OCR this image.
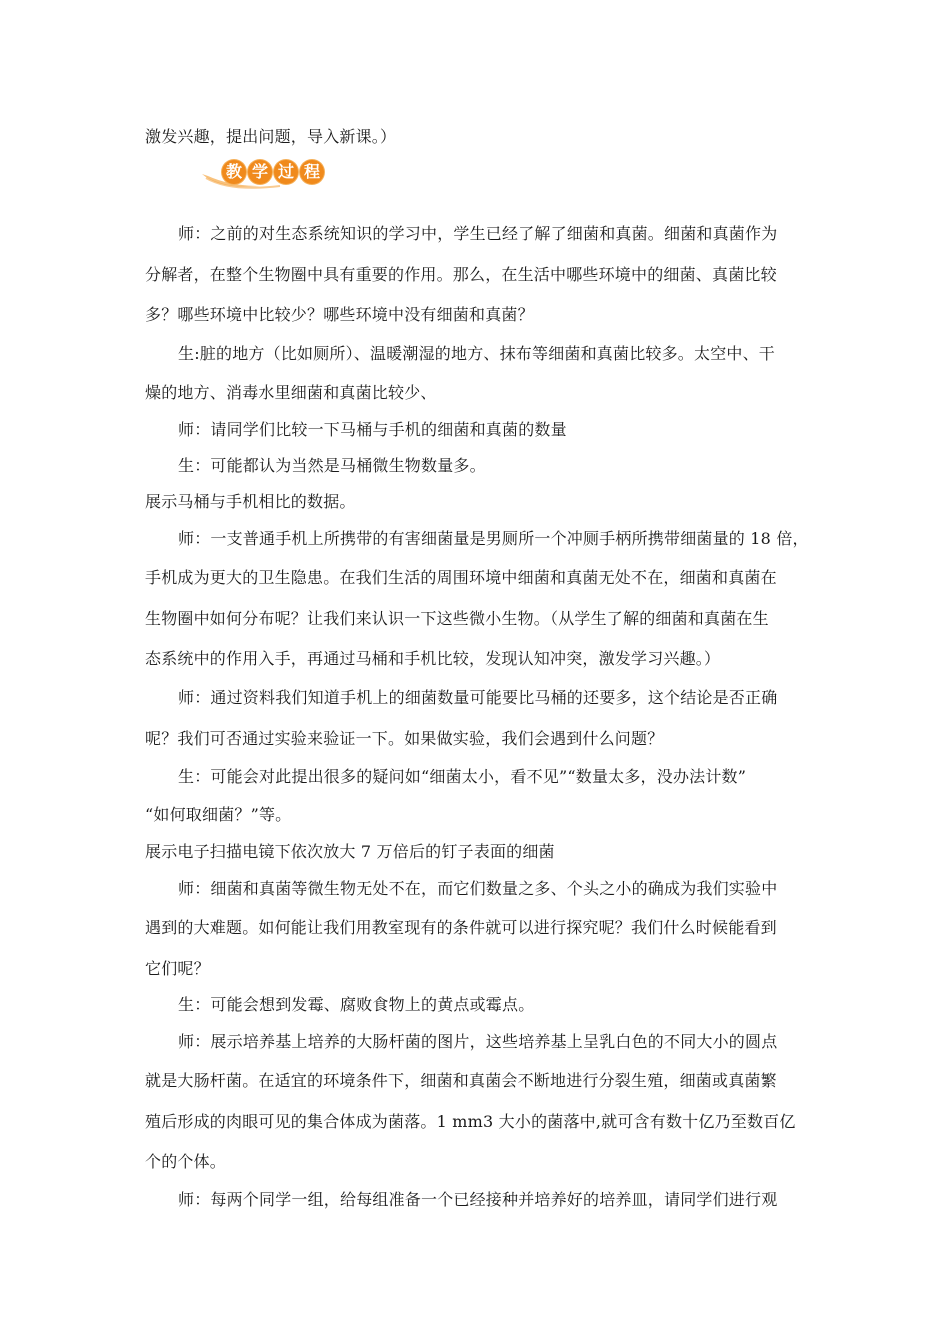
激发兴趣，提出问题，导入新课。）
教 学 过 程
师：之前的对生态系统知识的学习中，学生已经了解了细菌和真菌。细菌和真菌作为
分解者，在整个生物圈中具有重要的作用。那么，在生活中哪些环境中的细菌、真菌比较
多？哪些环境中比较少？哪些环境中没有细菌和真菌？
生:脏的地方（比如厕所）、温暖潮湿的地方、抹布等细菌和真菌比较多。太空中、干
燥的地方、消毒水里细菌和真菌比较少、
师：请同学们比较一下马桶与手机的细菌和真菌的数量
生：可能都认为当然是马桶微生物数量多。
展示马桶与手机相比的数据。
师：一支普通手机上所携带的有害细菌量是男厕所一个冲厕手柄所携带细菌量的 18 倍，
手机成为更大的卫生隐患。在我们生活的周围环境中细菌和真菌无处不在，细菌和真菌在
生物圈中如何分布呢？让我们来认识一下这些微小生物。（从学生了解的细菌和真菌在生
态系统中的作用入手，再通过马桶和手机比较，发现认知冲突，激发学习兴趣。）
师：通过资料我们知道手机上的细菌数量可能要比马桶的还要多，这个结论是否正确
呢？我们可否通过实验来验证一下。如果做实验，我们会遇到什么问题？
生：可能会对此提出很多的疑问如“细菌太小，看不见”“数量太多，没办法计数”
“如何取细菌？”等。
展示电子扫描电镜下依次放大 7 万倍后的钉子表面的细菌
师：细菌和真菌等微生物无处不在，而它们数量之多、个头之小的确成为我们实验中
遇到的大难题。如何能让我们用教室现有的条件就可以进行探究呢？我们什么时候能看到
它们呢？
生：可能会想到发霉、腐败食物上的黄点或霉点。
师：展示培养基上培养的大肠杆菌的图片，这些培养基上呈乳白色的不同大小的圆点
就是大肠杆菌。在适宜的环境条件下，细菌和真菌会不断地进行分裂生殖，细菌或真菌繁
殖后形成的肉眼可见的集合体成为菌落。1 mm3 大小的菌落中,就可含有数十亿乃至数百亿
个的个体。
师：每两个同学一组，给每组准备一个已经接种并培养好的培养皿，请同学们进行观
